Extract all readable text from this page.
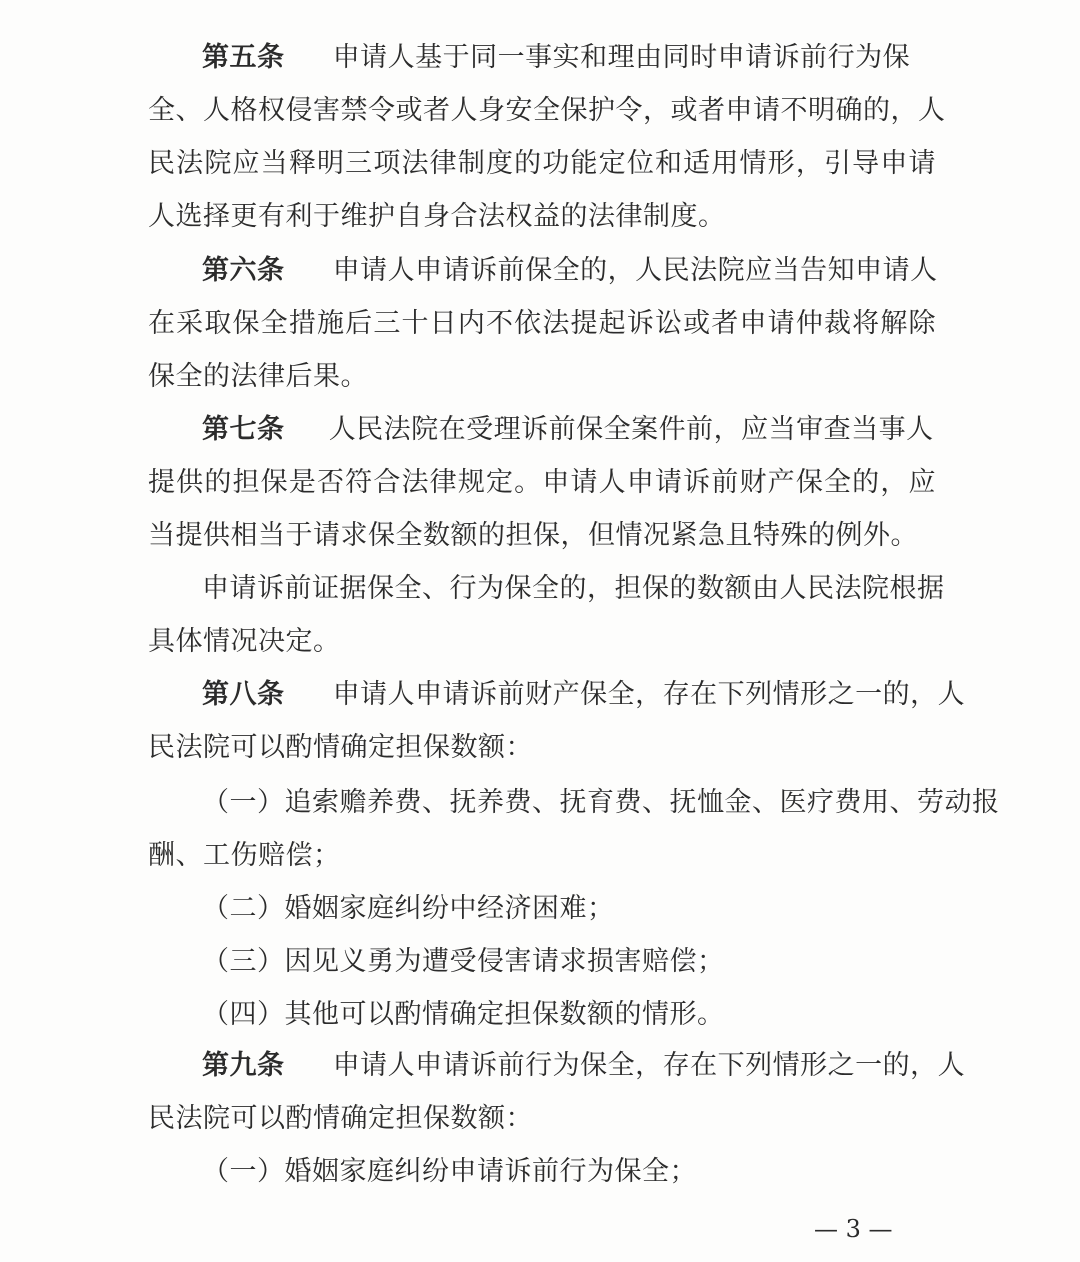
第五条 申请人基于同一事实和理由同时申请诉前行为保
全、人格权侵害禁令或者人身安全保护令，或者申请不明确的，人
民法院应当释明三项法律制度的功能定位和适用情形，引导申请
人选择更有利于维护自身合法权益的法律制度。
第六条 申请人申请诉前保全的，人民法院应当告知申请人
在采取保全措施后三十日内不依法提起诉讼或者申请仲裁将解除
保全的法律后果。
第七条 人民法院在受理诉前保全案件前，应当审查当事人
提供的担保是否符合法律规定。申请人申请诉前财产保全的，应
当提供相当于请求保全数额的担保，但情况紧急且特殊的例外。
申请诉前证据保全、行为保全的，担保的数额由人民法院根据
具体情况决定。
第八条 申请人申请诉前财产保全，存在下列情形之一的，人
民法院可以酌情确定担保数额：
（一）追索赡养费、抚养费、抚育费、抚恤金、医疗费用、劳动报
酬、工伤赔偿；
（二）婚姻家庭纠纷中经济困难；
（三）因见义勇为遭受侵害请求损害赔偿；
（四）其他可以酌情确定担保数额的情形。
第九条 申请人申请诉前行为保全，存在下列情形之一的，人
民法院可以酌情确定担保数额：
（一）婚姻家庭纠纷申请诉前行为保全；
— 3 —
